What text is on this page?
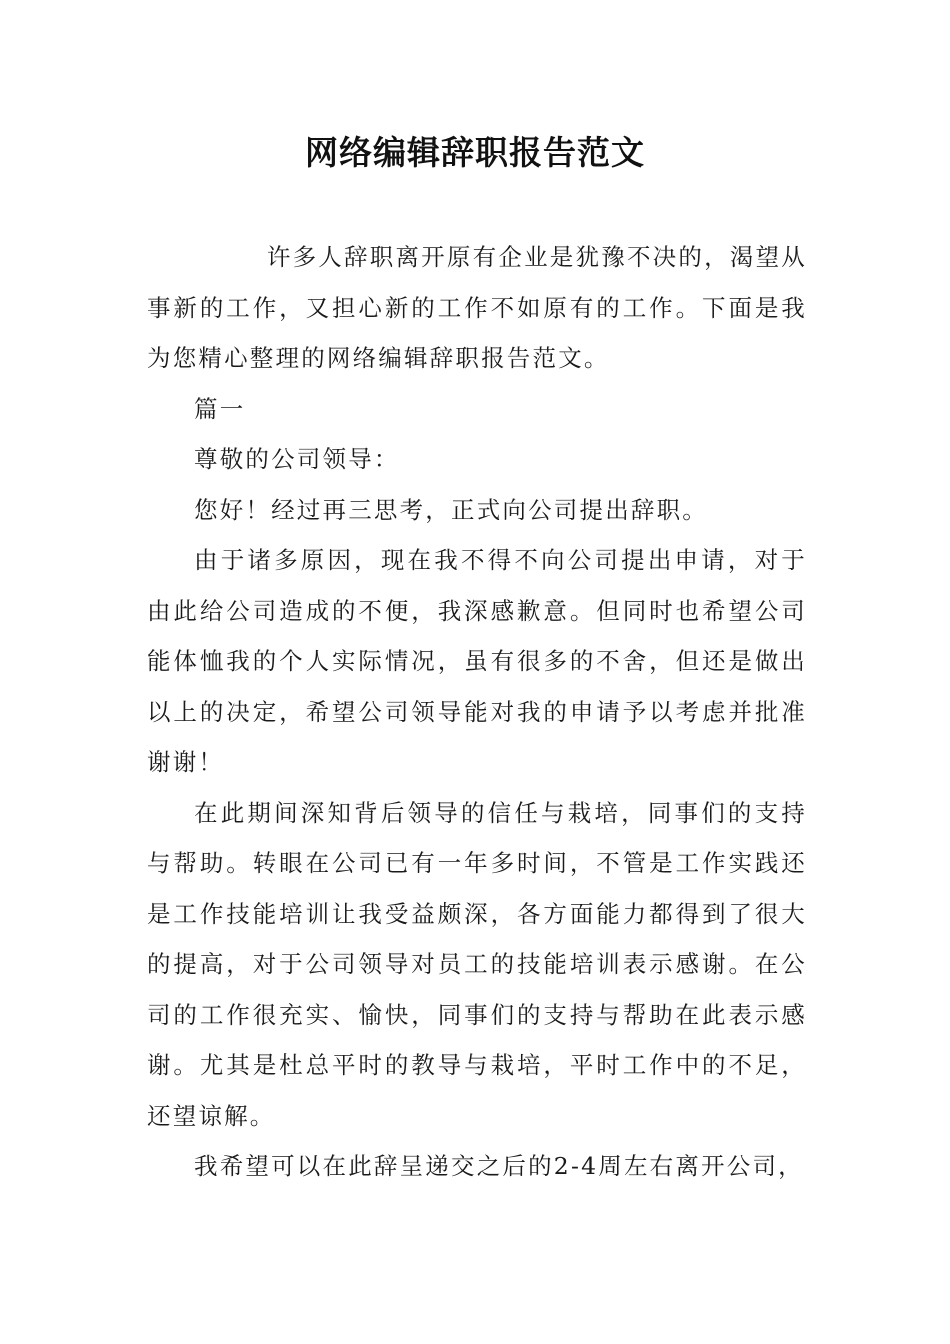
网络编辑辞职报告范文

许多人辞职离开原有企业是犹豫不决的，渴望从事新的工作，又担心新的工作不如原有的工作。下面是我为您精心整理的网络编辑辞职报告范文。

篇一

尊敬的公司领导：

您好！经过再三思考，正式向公司提出辞职。

由于诸多原因，现在我不得不向公司提出申请，对于由此给公司造成的不便，我深感歉意。但同时也希望公司能体恤我的个人实际情况，虽有很多的不舍，但还是做出以上的决定，希望公司领导能对我的申请予以考虑并批准谢谢！

在此期间深知背后领导的信任与栽培，同事们的支持与帮助。转眼在公司已有一年多时间，不管是工作实践还是工作技能培训让我受益颇深，各方面能力都得到了很大的提高，对于公司领导对员工的技能培训表示感谢。在公司的工作很充实、愉快，同事们的支持与帮助在此表示感谢。尤其是杜总平时的教导与栽培，平时工作中的不足，还望谅解。

我希望可以在此辞呈递交之后的2-4周左右离开公司，
